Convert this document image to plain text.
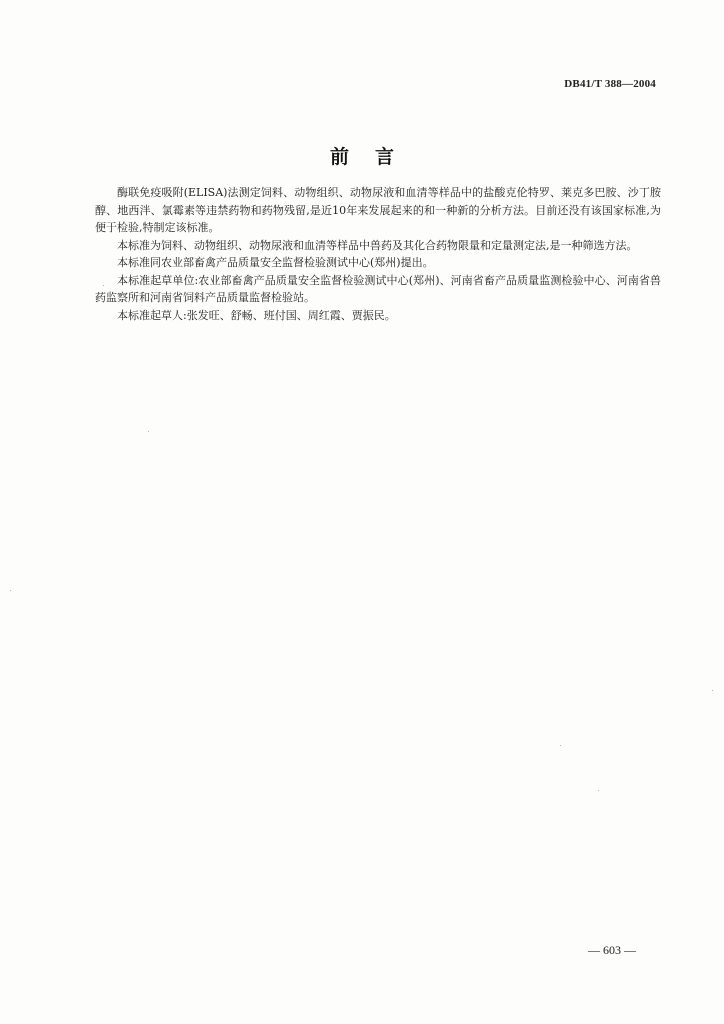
DB41/T 388—2004
前言

酶联免疫吸附(ELISA)法测定饲料、动物组织、动物尿液和血清等样品中的盐酸克伦特罗、莱克多巴胺、沙丁胺醇、地西泮、氯霉素等违禁药物和药物残留,是近10年来发展起来的和一种新的分析方法。目前还没有该国家标准,为便于检验,特制定该标准。

本标准为饲料、动物组织、动物尿液和血清等样品中兽药及其化合药物限量和定量测定法,是一种筛选方法。

本标准同农业部畜禽产品质量安全监督检验测试中心(郑州)提出。

本标准起草单位:农业部畜禽产品质量安全监督检验测试中心(郑州)、河南省畜产品质量监测检验中心、河南省兽药监察所和河南省饲料产品质量监督检验站。

本标准起草人:张发旺、舒畅、班付国、周红霞、贾振民。

— 603 —
